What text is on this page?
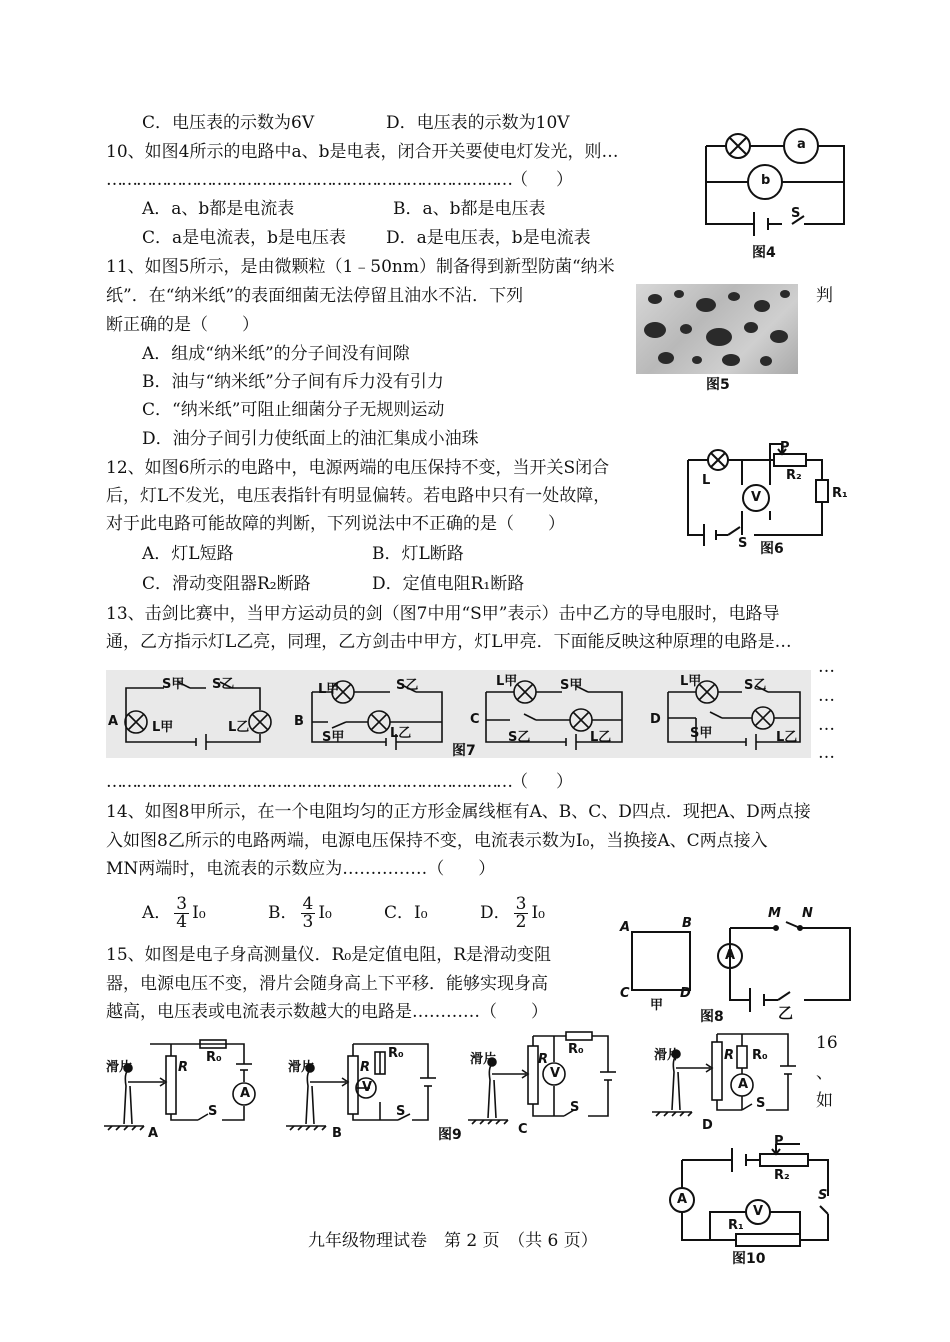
C．电压表的示数为6V	D．电压表的示数为10V
10、如图4所示的电路中a、b是电表，闭合开关要使电灯发光，则…
………………………………………………………………………（　　）
A．a、b都是电流表	B．a、b都是电压表
C．a是电流表，b是电压表 D．a是电压表，b是电流表
a
b
S
图4
11、如图5所示，是由微颗粒（1﹣50nm）制备得到新型防菌“纳米
纸”．在“纳米纸”的表面细菌无法停留且油水不沾．下列	判
断正确的是（　　）
A．组成“纳米纸”的分子间没有间隙
B．油与“纳米纸”分子间有斥力没有引力
C．“纳米纸”可阻止细菌分子无规则运动
D．油分子间引力使纸面上的油汇集成小油珠
图5
12、如图6所示的电路中，电源两端的电压保持不变，当开关S闭合
后，灯L不发光，电压表指针有明显偏转。若电路中只有一处故障，
对于此电路可能故障的判断，下列说法中不正确的是（　　）
A．灯L短路	B．灯L断路
C．滑动变阻器R₂断路	D．定值电阻R₁断路
L
P
R₂
R₁
V
S 图6
13、击剑比赛中，当甲方运动员的剑（图7中用“S甲”表示）击中乙方的导电服时，电路导
通，乙方指示灯L乙亮，同理，乙方剑击中甲方，灯L甲亮．下面能反映这种原理的电路是…
…
…
…
…
A	L甲
S甲 S乙
L乙	B
L甲	S乙
S甲	L乙
C
L甲	S甲
S乙	L乙
D
L甲	S乙
S甲	L乙
图7
………………………………………………………………………（　　）
14、如图8甲所示，在一个电阻均匀的正方形金属线框有A、B、C、D四点．现把A、D两点接
入如图8乙所示的电路两端，电源电压保持不变，电流表示数为I₀，当换接A、C两点接入
MN两端时，电流表的示数应为……………（　　）
A． $\frac{3}{4} I_0$	B． $\frac{4}{3} I_0$	C．I₀	D． $\frac{3}{2} I_0$
A	B
C	D
甲
图8
M N
A
乙
15、如图是电子身高测量仪．R₀是定值电阻，R是滑动变阻
器，电源电压不变，滑片会随身高上下平移．能够实现身高
越高，电压表或电流表示数越大的电路是…………（　　）
16
、
如
滑片	R
R₀
A
S
A
滑片	R
R₀
V
S
B	图9
滑片	R
R₀
V
S
C
滑片	R R₀
A
S
D
P
R₂
S
A
V
R₁
图10
九年级物理试卷　第 2 页　（共 6 页）
